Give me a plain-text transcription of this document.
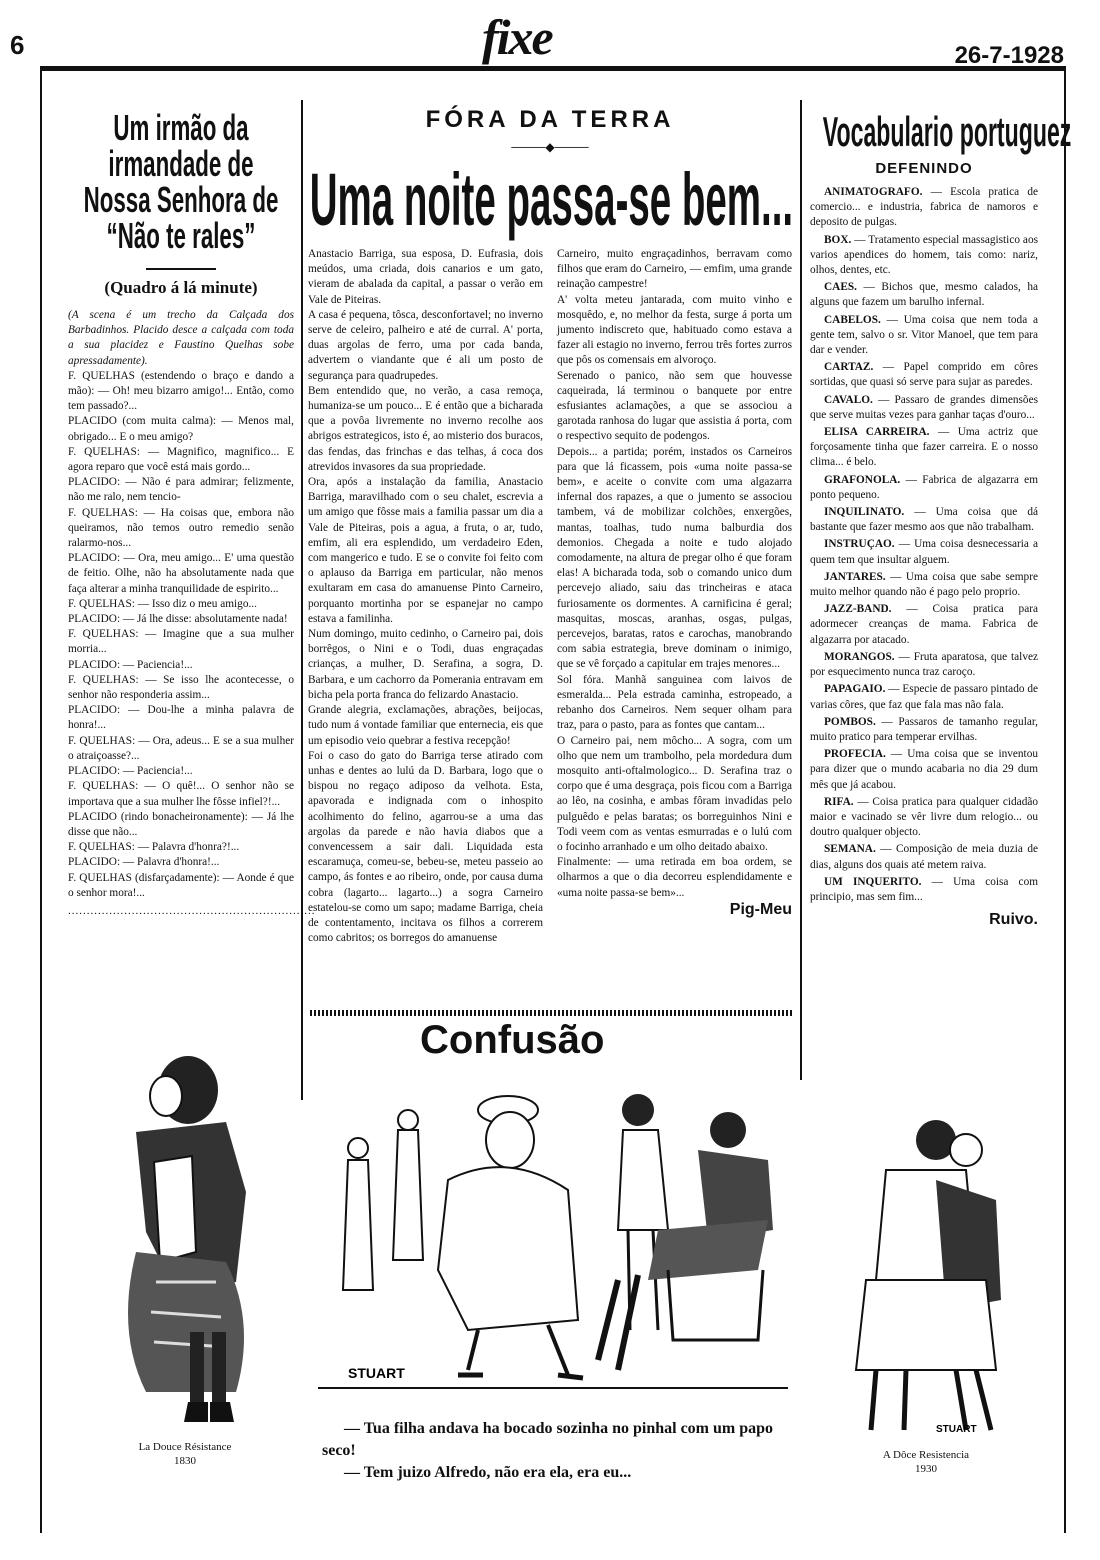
6	fixe	26-7-1928
Um irmão da irmandade de Nossa Senhora de “Não te rales”
(Quadro á lá minute)

(A scena é um trecho da Calçada dos Barbadinhos. Placido desce a calçada com toda a sua placidez e Faustino Quelhas sobe apressadamente).

F. QUELHAS (estendendo o braço e dando a mão): — Oh! meu bizarro amigo!... Então, como tem passado?...

PLACIDO (com muita calma): — Menos mal, obrigado... E o meu amigo?

F. QUELHAS: — Magnifico, magnifico... E agora reparo que você está mais gordo...

PLACIDO: — Não é para admirar; felizmente, não me ralo, nem tencio-

F. QUELHAS: — Ha coisas que, embora não queiramos, não temos outro remedio senão ralarmo-nos...

PLACIDO: — Ora, meu amigo... E' uma questão de feitio. Olhe, não ha absolutamente nada que faça alterar a minha tranquilidade de espirito...

F. QUELHAS: — Isso diz o meu amigo...

PLACIDO: — Já lhe disse: absolutamente nada!

F. QUELHAS: — Imagine que a sua mulher morria...

PLACIDO: — Paciencia!...

F. QUELHAS: — Se isso lhe acontecesse, o senhor não responderia assim...

PLACIDO: — Dou-lhe a minha palavra de honra!...

F. QUELHAS: — Ora, adeus... E se a sua mulher o atraiçoasse?...

PLACIDO: — Paciencia!...

F. QUELHAS: — O quê!... O senhor não se importava que a sua mulher lhe fôsse infiel?!...

PLACIDO (rindo bonacheironamente): — Já lhe disse que não...

F. QUELHAS: — Palavra d'honra?!...

PLACIDO: — Palavra d'honra!...

F. QUELHAS (disfarçadamente): — Aonde é que o senhor mora!...

..................................................................
La Douce Résistance
1830
FÓRA DA TERRA
────◆────
Uma noite passa-se bem...

Anastacio Barriga, sua esposa, D. Eufrasia, dois meúdos, uma criada, dois canarios e um gato, vieram de abalada da capital, a passar o verão em Vale de Piteiras.

A casa é pequena, tôsca, desconfortavel; no inverno serve de celeiro, palheiro e até de curral. A' porta, duas argolas de ferro, uma por cada banda, advertem o viandante que é ali um posto de segurança para quadrupedes.

Bem entendido que, no verão, a casa remoça, humaniza-se um pouco... E é então que a bicharada que a povôa livremente no inverno recolhe aos abrigos estrategicos, isto é, ao misterio dos buracos, das fendas, das frinchas e das telhas, á coca dos atrevidos invasores da sua propriedade.

Ora, após a instalação da familia, Anastacio Barriga, maravilhado com o seu chalet, escrevia a um amigo que fôsse mais a familia passar um dia a Vale de Piteiras, pois a agua, a fruta, o ar, tudo, emfim, ali era esplendido, um verdadeiro Eden, com mangerico e tudo. E se o convite foi feito com o aplauso da Barriga em particular, não menos exultaram em casa do amanuense Pinto Carneiro, porquanto mortinha por se espanejar no campo estava a familinha.

Num domingo, muito cedinho, o Carneiro pai, dois borrêgos, o Nini e o Todi, duas engraçadas crianças, a mulher, D. Serafina, a sogra, D. Barbara, e um cachorro da Pomerania entravam em bicha pela porta franca do felizardo Anastacio.

Grande alegria, exclamações, abrações, beijocas, tudo num á vontade familiar que enternecia, eis que um episodio veio quebrar a festiva recepção!

Foi o caso do gato do Barriga terse atirado com unhas e dentes ao lulú da D. Barbara, logo que o bispou no regaço adiposo da velhota. Esta, apavorada e indignada com o inhospito acolhimento do felino, agarrou-se a uma das argolas da parede e não havia diabos que a convencessem a sair dali. Liquidada esta escaramuça, comeu-se, bebeu-se, meteu passeio ao campo, ás fontes e ao ribeiro, onde, por causa duma cobra (lagarto... lagarto...) a sogra Carneiro estatelou-se como um sapo; madame Barriga, cheia de contentamento, incitava os filhos a correrem como cabritos; os borregos do amanuense

Carneiro, muito engraçadinhos, berravam como filhos que eram do Carneiro, — emfim, uma grande reinação campestre!

A' volta meteu jantarada, com muito vinho e mosquêdo, e, no melhor da festa, surge á porta um jumento indiscreto que, habituado como estava a fazer ali estagio no inverno, ferrou três fortes zurros que pôs os comensais em alvoroço.

Serenado o panico, não sem que houvesse caqueirada, lá terminou o banquete por entre esfusiantes aclamações, a que se associou a garotada ranhosa do lugar que assistia á porta, com o respectivo sequito de podengos.

Depois... a partida; porém, instados os Carneiros para que lá ficassem, pois «uma noite passa-se bem», e aceite o convite com uma algazarra infernal dos rapazes, a que o jumento se associou tambem, vá de mobilizar colchões, enxergões, mantas, toalhas, tudo numa balburdia dos demonios. Chegada a noite e tudo alojado comodamente, na altura de pregar olho é que foram elas! A bicharada toda, sob o comando unico dum percevejo aliado, saiu das trincheiras e ataca furiosamente os dormentes. A carnificina é geral; masquitas, moscas, aranhas, osgas, pulgas, percevejos, baratas, ratos e carochas, manobrando com sabia estrategia, breve dominam o inimigo, que se vê forçado a capitular em trajes menores...

Sol fóra. Manhã sanguinea com laivos de esmeralda... Pela estrada caminha, estropeado, a rebanho dos Carneiros. Nem sequer olham para traz, para o pasto, para as fontes que cantam...

O Carneiro pai, nem môcho... A sogra, com um olho que nem um trambolho, pela mordedura dum mosquito anti-oftalmologico... D. Serafina traz o corpo que é uma desgraça, pois ficou com a Barriga ao lêo, na cosinha, e ambas fôram invadidas pelo pulguêdo e pelas baratas; os borreguinhos Nini e Todi veem com as ventas esmurradas e o lulú com o focinho arranhado e um olho deitado abaixo.

Finalmente: — uma retirada em boa ordem, se olharmos a que o dia decorreu esplendidamente e «uma noite passa-se bem»...

Pig-Meu
Confusão
STUART
— Tua filha andava ha bocado sozinha no pinhal com um papo seco!
— Tem juizo Alfredo, não era ela, era eu...
Vocabulario portuguez
DEFENINDO

ANIMATOGRAFO. — Escola pratica de comercio... e industria, fabrica de namoros e deposito de pulgas.

BOX. — Tratamento especial massagistico aos varios apendices do homem, tais como: nariz, olhos, dentes, etc.

CAES. — Bichos que, mesmo calados, ha alguns que fazem um barulho infernal.

CABELOS. — Uma coisa que nem toda a gente tem, salvo o sr. Vitor Manoel, que tem para dar e vender.

CARTAZ. — Papel comprido em côres sortidas, que quasi só serve para sujar as paredes.

CAVALO. — Passaro de grandes dimensões que serve muitas vezes para ganhar taças d'ouro...

ELISA CARREIRA. — Uma actriz que forçosamente tinha que fazer carreira. E o nosso clima... é belo.

GRAFONOLA. — Fabrica de algazarra em ponto pequeno.

INQUILINATO. — Uma coisa que dá bastante que fazer mesmo aos que não trabalham.

INSTRUÇAO. — Uma coisa desnecessaria a quem tem que insultar alguem.

JANTARES. — Uma coisa que sabe sempre muito melhor quando não é pago pelo proprio.

JAZZ-BAND. — Coisa pratica para adormecer creanças de mama. Fabrica de algazarra por atacado.

MORANGOS. — Fruta aparatosa, que talvez por esquecimento nunca traz caroço.

PAPAGAIO. — Especie de passaro pintado de varias côres, que faz que fala mas não fala.

POMBOS. — Passaros de tamanho regular, muito pratico para temperar ervilhas.

PROFECIA. — Uma coisa que se inventou para dizer que o mundo acabaria no dia 29 dum mês que já acabou.

RIFA. — Coisa pratica para qualquer cidadão maior e vacinado se vêr livre dum relogio... ou doutro qualquer objecto.

SEMANA. — Composição de meia duzia de dias, alguns dos quais até metem raiva.

UM INQUERITO. — Uma coisa com principio, mas sem fim...

Ruivo.
STUART
A Dôce Resistencia
1930
